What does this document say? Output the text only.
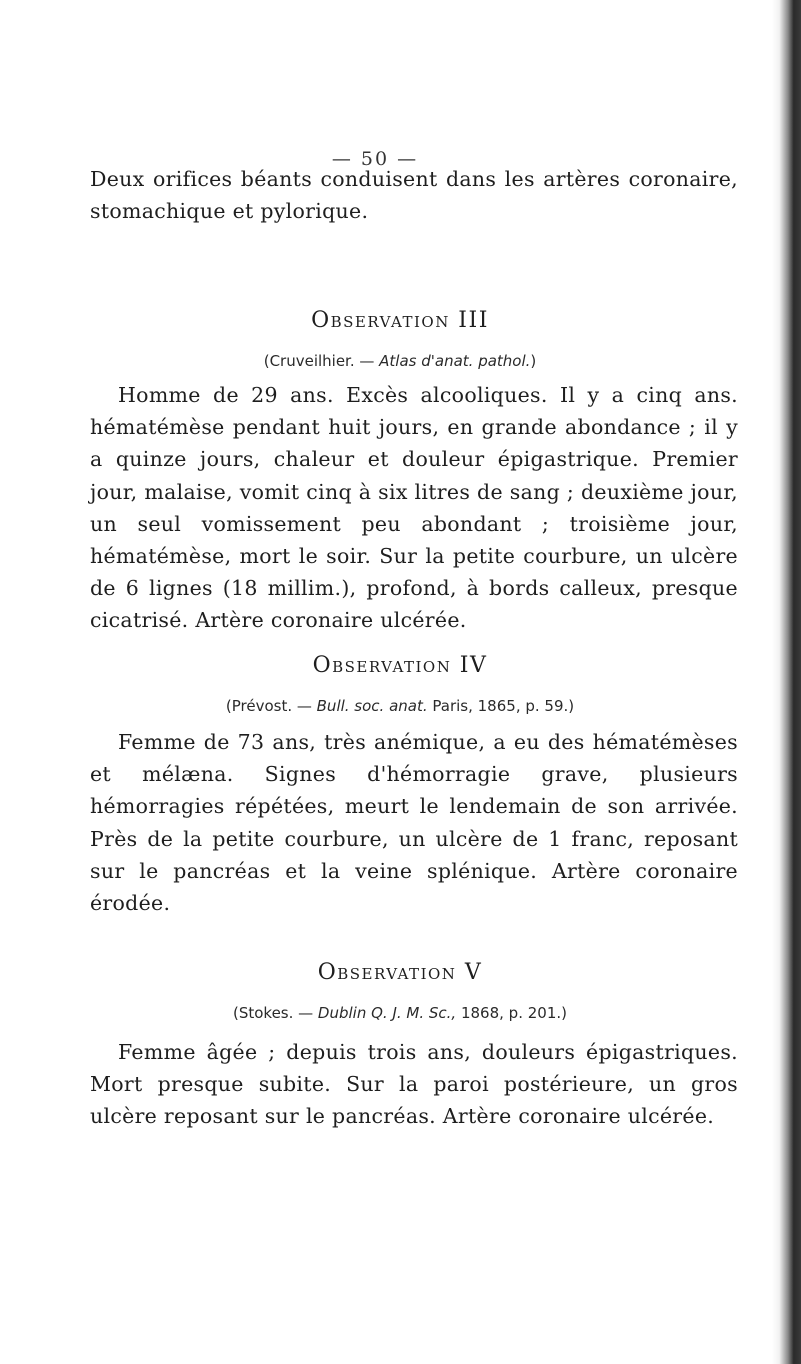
— 50 —

Deux orifices béants conduisent dans les artères coronaire, stomachique et pylorique.

Observation III
(Cruveilhier. — Atlas d'anat. pathol.)

Homme de 29 ans. Excès alcooliques. Il y a cinq ans. hématémèse pendant huit jours, en grande abondance ; il y a quinze jours, chaleur et douleur épigastrique. Premier jour, malaise, vomit cinq à six litres de sang ; deuxième jour, un seul vomissement peu abondant ; troisième jour, hématémèse, mort le soir. Sur la petite courbure, un ulcère de 6 lignes (18 millim.), profond, à bords calleux, presque cicatrisé. Artère coronaire ulcérée.

Observation IV
(Prévost. — Bull. soc. anat. Paris, 1865, p. 59.)

Femme de 73 ans, très anémique, a eu des hématémèses et mélæna. Signes d'hémorragie grave, plusieurs hémorragies répétées, meurt le lendemain de son arrivée. Près de la petite courbure, un ulcère de 1 franc, reposant sur le pancréas et la veine splénique. Artère coronaire érodée.

Observation V
(Stokes. — Dublin Q. J. M. Sc., 1868, p. 201.)

Femme âgée ; depuis trois ans, douleurs épigastriques. Mort presque subite. Sur la paroi postérieure, un gros ulcère reposant sur le pancréas. Artère coronaire ulcérée.
